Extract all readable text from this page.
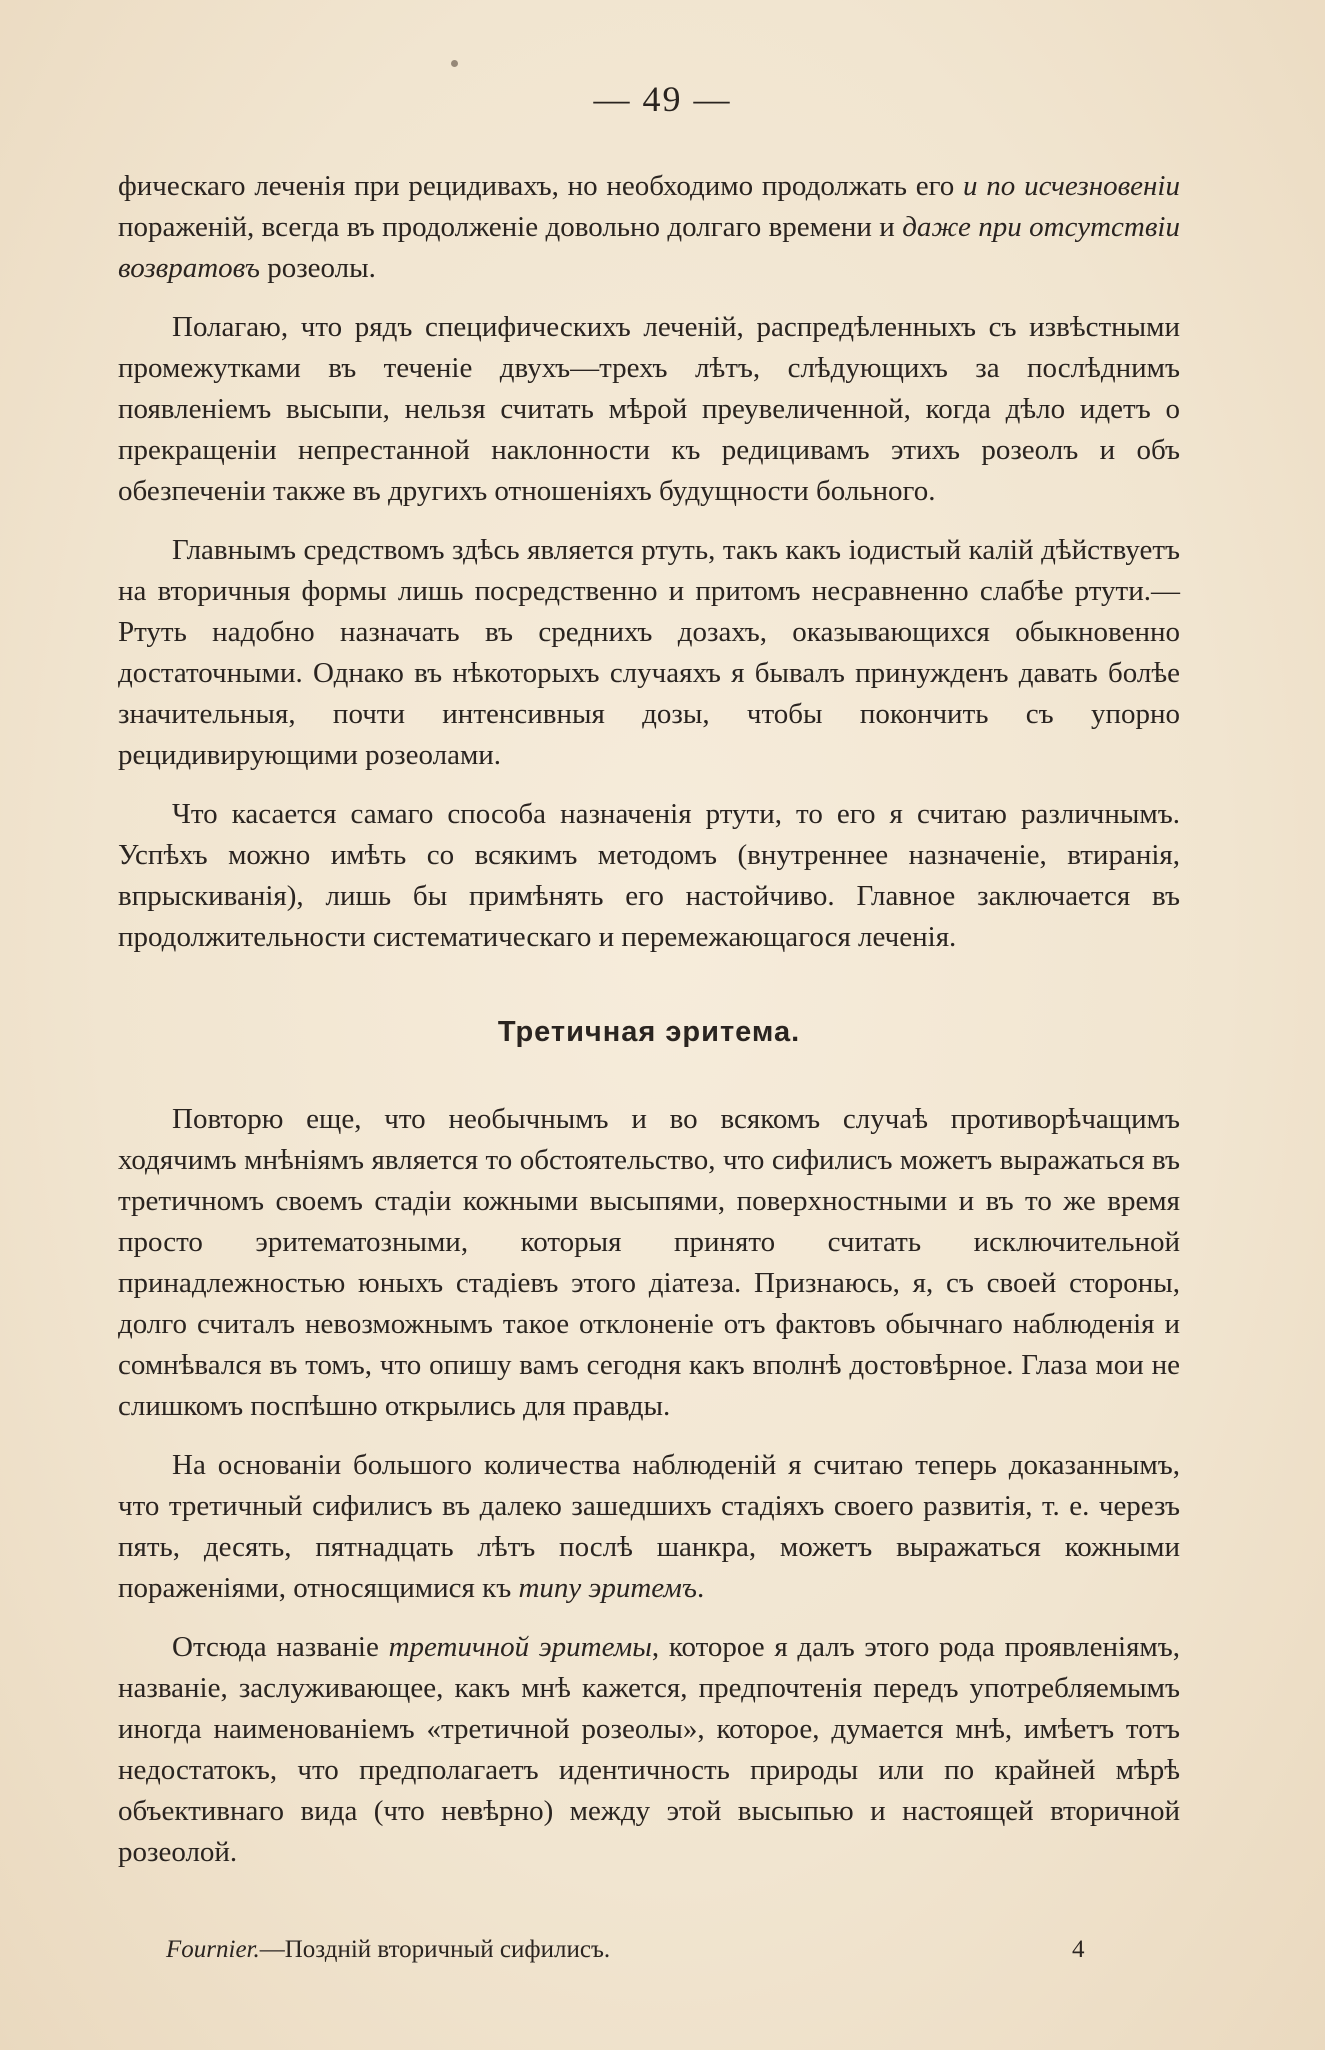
— 49 —

фическаго леченія при рецидивахъ, но необходимо продолжать его и по исчезновеніи пораженій, всегда въ продолженіе довольно долгаго времени и даже при отсутствіи возвратовъ розеолы.

Полагаю, что рядъ специфическихъ леченій, распредѣленныхъ съ извѣстными промежутками въ теченіе двухъ—трехъ лѣтъ, слѣдующихъ за послѣднимъ появленіемъ высыпи, нельзя считать мѣрой преувеличенной, когда дѣло идетъ о прекращеніи непрестанной наклонности къ редицивамъ этихъ розеолъ и объ обезпеченіи также въ другихъ отношеніяхъ будущности больного.

Главнымъ средствомъ здѣсь является ртуть, такъ какъ іодистый калій дѣйствуетъ на вторичныя формы лишь посредственно и притомъ несравненно слабѣе ртути.—Ртуть надобно назначать въ среднихъ дозахъ, оказывающихся обыкновенно достаточными. Однако въ нѣкоторыхъ случаяхъ я бывалъ принужденъ давать болѣе значительныя, почти интенсивныя дозы, чтобы покончить съ упорно рецидивирующими розеолами.

Что касается самаго способа назначенія ртути, то его я считаю различнымъ. Успѣхъ можно имѣть со всякимъ методомъ (внутреннее назначеніе, втиранія, впрыскиванія), лишь бы примѣнять его настойчиво. Главное заключается въ продолжительности систематическаго и перемежающагося леченія.

Третичная эритема.

Повторю еще, что необычнымъ и во всякомъ случаѣ противорѣчащимъ ходячимъ мнѣніямъ является то обстоятельство, что сифилисъ можетъ выражаться въ третичномъ своемъ стадіи кожными высыпями, поверхностными и въ то же время просто эритематозными, которыя принято считать исключительной принадлежностью юныхъ стадіевъ этого діатеза. Признаюсь, я, съ своей стороны, долго считалъ невозможнымъ такое отклоненіе отъ фактовъ обычнаго наблюденія и сомнѣвался въ томъ, что опишу вамъ сегодня какъ вполнѣ достовѣрное. Глаза мои не слишкомъ поспѣшно открылись для правды.

На основаніи большого количества наблюденій я считаю теперь доказаннымъ, что третичный сифилисъ въ далеко зашедшихъ стадіяхъ своего развитія, т. е. черезъ пять, десять, пятнадцать лѣтъ послѣ шанкра, можетъ выражаться кожными пораженіями, относящимися къ типу эритемъ.

Отсюда названіе третичной эритемы, которое я далъ этого рода проявленіямъ, названіе, заслуживающее, какъ мнѣ кажется, предпочтенія передъ употребляемымъ иногда наименованіемъ «третичной розеолы», которое, думается мнѣ, имѣетъ тотъ недостатокъ, что предполагаетъ идентичность природы или по крайней мѣрѣ объективнаго вида (что невѣрно) между этой высыпью и настоящей вторичной розеолой.

Fournier.—Поздній вторичный сифилисъ.	4
